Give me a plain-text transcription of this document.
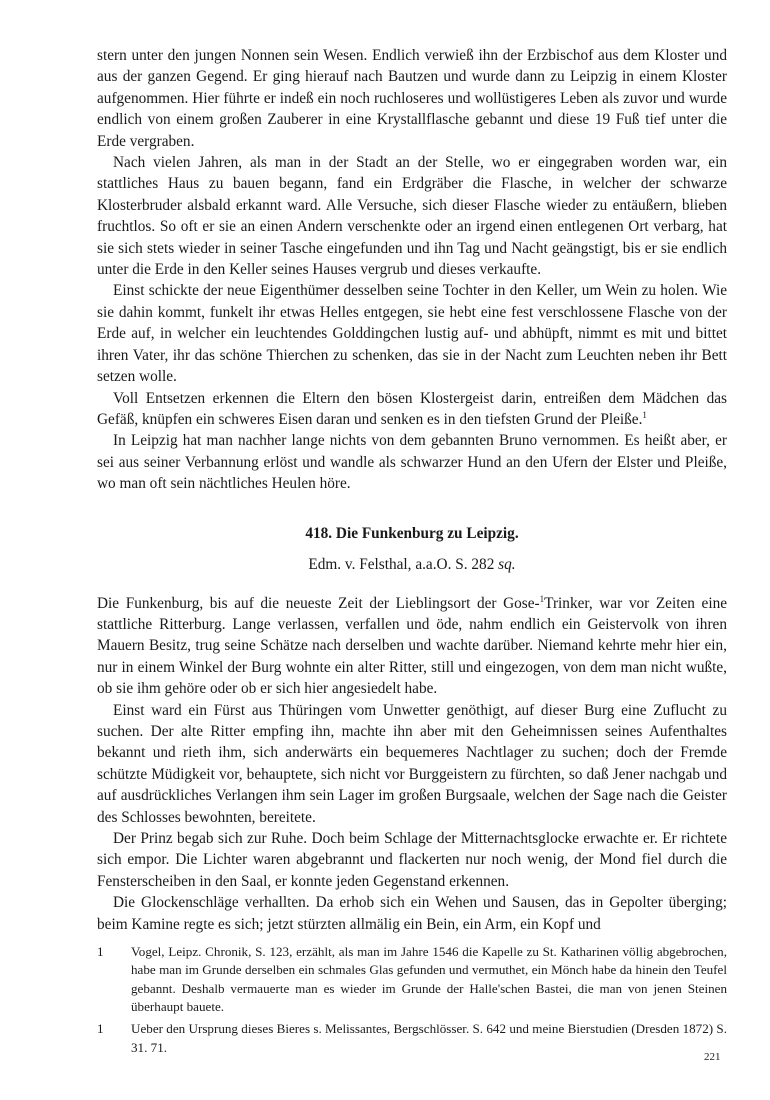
stern unter den jungen Nonnen sein Wesen. Endlich verwieß ihn der Erzbischof aus dem Kloster und aus der ganzen Gegend. Er ging hierauf nach Bautzen und wurde dann zu Leipzig in einem Kloster aufgenommen. Hier führte er indeß ein noch ruchloseres und wollüstigeres Leben als zuvor und wurde endlich von einem großen Zauberer in eine Krystallflasche gebannt und diese 19 Fuß tief unter die Erde vergraben.

Nach vielen Jahren, als man in der Stadt an der Stelle, wo er eingegraben worden war, ein stattliches Haus zu bauen begann, fand ein Erdgräber die Flasche, in welcher der schwarze Klosterbruder alsbald erkannt ward. Alle Versuche, sich dieser Flasche wieder zu entäußern, blieben fruchtlos. So oft er sie an einen Andern verschenkte oder an irgend einen entlegenen Ort verbarg, hat sie sich stets wieder in seiner Tasche eingefunden und ihn Tag und Nacht geängstigt, bis er sie endlich unter die Erde in den Keller seines Hauses vergrub und dieses verkaufte.

Einst schickte der neue Eigenthümer desselben seine Tochter in den Keller, um Wein zu holen. Wie sie dahin kommt, funkelt ihr etwas Helles entgegen, sie hebt eine fest verschlossene Flasche von der Erde auf, in welcher ein leuchtendes Golddingchen lustig auf- und abhüpft, nimmt es mit und bittet ihren Vater, ihr das schöne Thierchen zu schenken, das sie in der Nacht zum Leuchten neben ihr Bett setzen wolle.

Voll Entsetzen erkennen die Eltern den bösen Klostergeist darin, entreißen dem Mädchen das Gefäß, knüpfen ein schweres Eisen daran und senken es in den tiefsten Grund der Pleiße.$^1$

In Leipzig hat man nachher lange nichts von dem gebannten Bruno vernommen. Es heißt aber, er sei aus seiner Verbannung erlöst und wandle als schwarzer Hund an den Ufern der Elster und Pleiße, wo man oft sein nächtliches Heulen höre.

418. Die Funkenburg zu Leipzig.

Edm. v. Felsthal, a.a.O. S. 282 sq.

Die Funkenburg, bis auf die neueste Zeit der Lieblingsort der Gose-$^1$Trinker, war vor Zeiten eine stattliche Ritterburg. Lange verlassen, verfallen und öde, nahm endlich ein Geistervolk von ihren Mauern Besitz, trug seine Schätze nach derselben und wachte darüber. Niemand kehrte mehr hier ein, nur in einem Winkel der Burg wohnte ein alter Ritter, still und eingezogen, von dem man nicht wußte, ob sie ihm gehöre oder ob er sich hier angesiedelt habe.

Einst ward ein Fürst aus Thüringen vom Unwetter genöthigt, auf dieser Burg eine Zuflucht zu suchen. Der alte Ritter empfing ihn, machte ihn aber mit den Geheimnissen seines Aufenthaltes bekannt und rieth ihm, sich anderwärts ein bequemeres Nachtlager zu suchen; doch der Fremde schützte Müdigkeit vor, behauptete, sich nicht vor Burggeistern zu fürchten, so daß Jener nachgab und auf ausdrückliches Verlangen ihm sein Lager im großen Burgsaale, welchen der Sage nach die Geister des Schlosses bewohnten, bereitete.

Der Prinz begab sich zur Ruhe. Doch beim Schlage der Mitternachtsglocke erwachte er. Er richtete sich empor. Die Lichter waren abgebrannt und flackerten nur noch wenig, der Mond fiel durch die Fensterscheiben in den Saal, er konnte jeden Gegenstand erkennen.

Die Glockenschläge verhallten. Da erhob sich ein Wehen und Sausen, das in Gepolter überging; beim Kamine regte es sich; jetzt stürzten allmälig ein Bein, ein Arm, ein Kopf und

1	Vogel, Leipz. Chronik, S. 123, erzählt, als man im Jahre 1546 die Kapelle zu St. Katharinen völlig abgebrochen, habe man im Grunde derselben ein schmales Glas gefunden und vermuthet, ein Mönch habe da hinein den Teufel gebannt. Deshalb vermauerte man es wieder im Grunde der Halle'schen Bastei, die man von jenen Steinen überhaupt bauete.
1	Ueber den Ursprung dieses Bieres s. Melissantes, Bergschlösser. S. 642 und meine Bierstudien (Dresden 1872) S. 31. 71.
221
